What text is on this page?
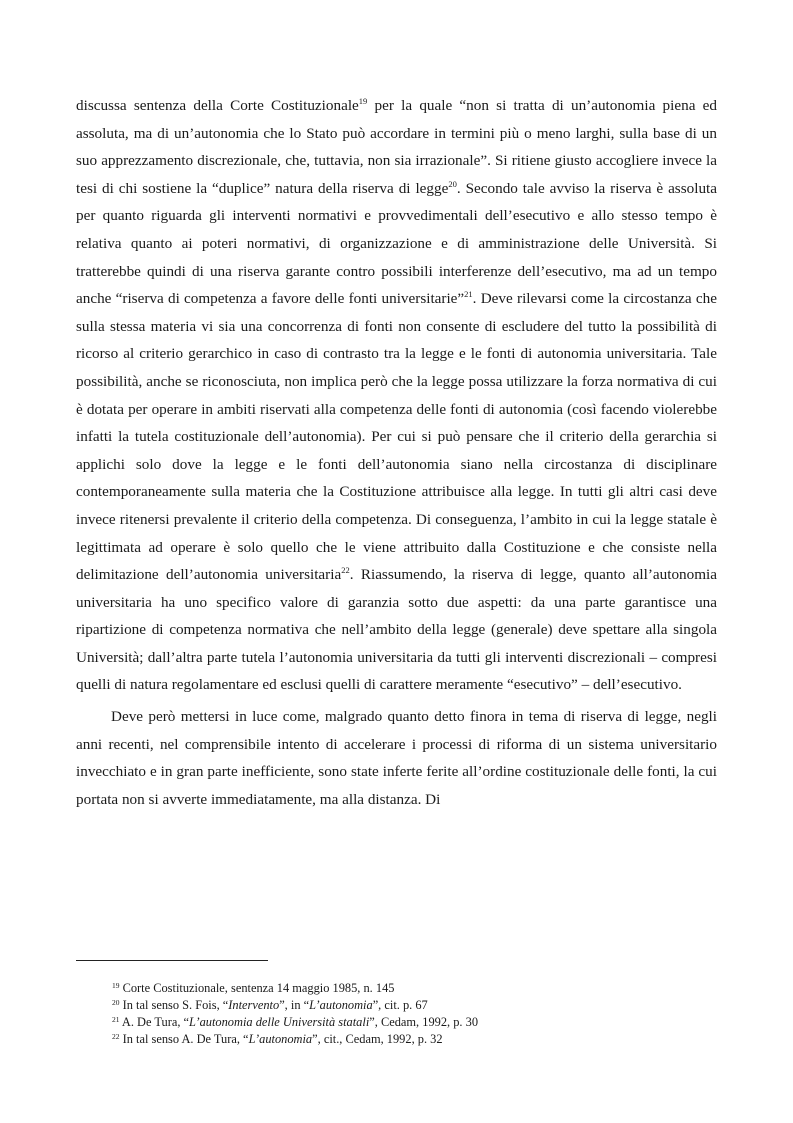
discussa sentenza della Corte Costituzionale$^{19}$ per la quale “non si tratta di un’autonomia piena ed assoluta, ma di un’autonomia che lo Stato può accordare in termini più o meno larghi, sulla base di un suo apprezzamento discrezionale, che, tuttavia, non sia irrazionale”. Si ritiene giusto accogliere invece la tesi di chi sostiene la “duplice” natura della riserva di legge$^{20}$. Secondo tale avviso la riserva è assoluta per quanto riguarda gli interventi normativi e provvedimentali dell’esecutivo e allo stesso tempo è relativa quanto ai poteri normativi, di organizzazione e di amministrazione delle Università. Si tratterebbe quindi di una riserva garante contro possibili interferenze dell’esecutivo, ma ad un tempo anche “riserva di competenza a favore delle fonti universitarie”$^{21}$. Deve rilevarsi come la circostanza che sulla stessa materia vi sia una concorrenza di fonti non consente di escludere del tutto la possibilità di ricorso al criterio gerarchico in caso di contrasto tra la legge e le fonti di autonomia universitaria. Tale possibilità, anche se riconosciuta, non implica però che la legge possa utilizzare la forza normativa di cui è dotata per operare in ambiti riservati alla competenza delle fonti di autonomia (così facendo violerebbe infatti la tutela costituzionale dell’autonomia). Per cui si può pensare che il criterio della gerarchia si applichi solo dove la legge e le fonti dell’autonomia siano nella circostanza di disciplinare contemporaneamente sulla materia che la Costituzione attribuisce alla legge. In tutti gli altri casi deve invece ritenersi prevalente il criterio della competenza. Di conseguenza, l’ambito in cui la legge statale è legittimata ad operare è solo quello che le viene attribuito dalla Costituzione e che consiste nella delimitazione dell’autonomia universitaria$^{22}$. Riassumendo, la riserva di legge, quanto all’autonomia universitaria ha uno specifico valore di garanzia sotto due aspetti: da una parte garantisce una ripartizione di competenza normativa che nell’ambito della legge (generale) deve spettare alla singola Università; dall’altra parte tutela l’autonomia universitaria da tutti gli interventi discrezionali – compresi quelli di natura regolamentare ed esclusi quelli di carattere meramente “esecutivo” – dell’esecutivo.

Deve però mettersi in luce come, malgrado quanto detto finora in tema di riserva di legge, negli anni recenti, nel comprensibile intento di accelerare i processi di riforma di un sistema universitario invecchiato e in gran parte inefficiente, sono state inferte ferite all’ordine costituzionale delle fonti, la cui portata non si avverte immediatamente, ma alla distanza. Di

$^{19}$ Corte Costituzionale, sentenza 14 maggio 1985, n. 145
$^{20}$ In tal senso S. Fois, “Intervento”, in “L’autonomia”, cit. p. 67
$^{21}$ A. De Tura, “L’autonomia delle Università statali”, Cedam, 1992, p. 30
$^{22}$ In tal senso A. De Tura, “L’autonomia”, cit., Cedam, 1992, p. 32
